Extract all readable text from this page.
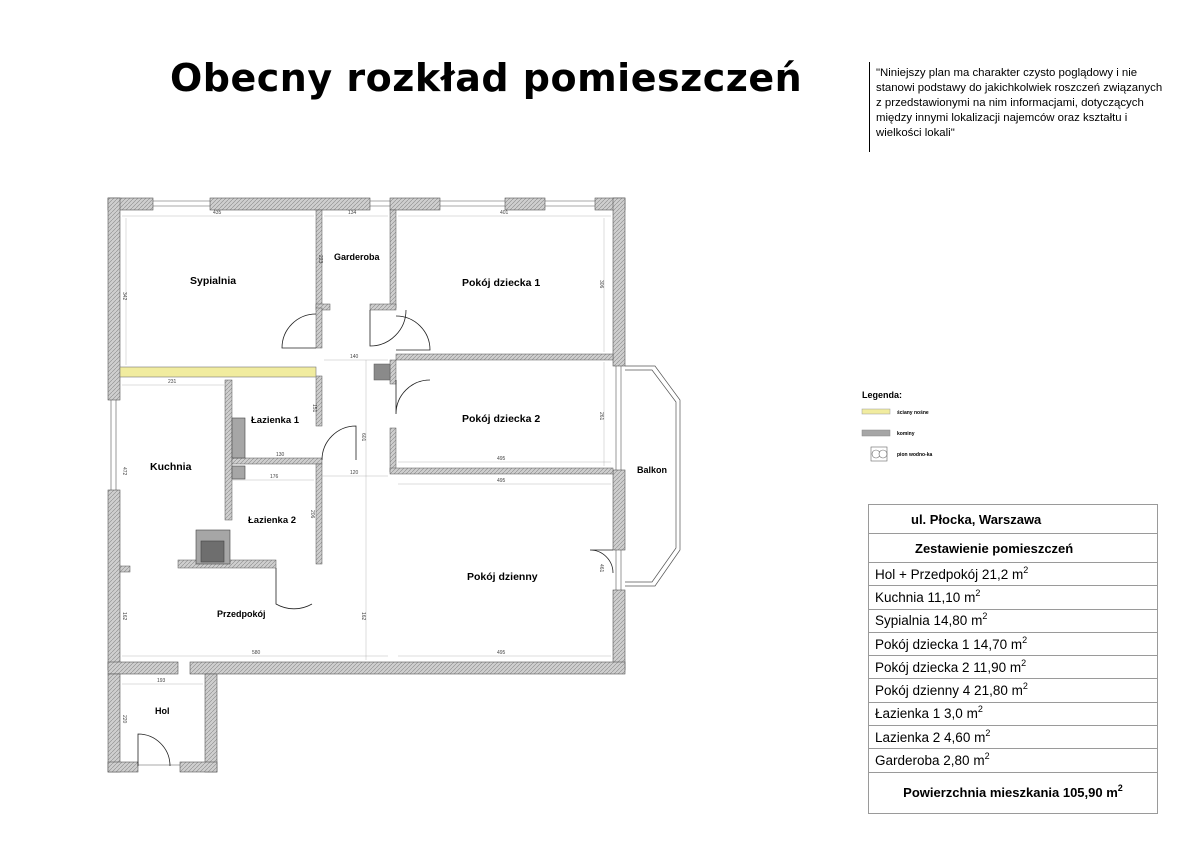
Obecny rozkład pomieszczeń	"Niniejszy plan ma charakter czysto poglądowy i nie stanowi podstawy do jakichkolwiek roszczeń związanych z przedstawionymi na nim informacjami, dotyczących między innymi lokalizacji najemców oraz kształtu i wielkości lokali"
435	134	401
342
223
306
140
231
151
601
261
130
120
495
495
176
472
206
461
162	162
580	495
193
220
Sypialnia
Garderoba
Pokój dziecka 1
Pokój dziecka 2
Łazienka 1
Łazienka 2
Kuchnia	Balkon
Pokój dzienny
Przedpokój
Hol
Legenda:
ściany nośne
kominy
pion wodno-ka
ul. Płocka, Warszawa
Zestawienie pomieszczeń
Hol + Przedpokój 21,2 $m^2$
Kuchnia 11,10 $m^2$
Sypialnia 14,80 $m^2$
Pokój dziecka 1 14,70 $m^2$
Pokój dziecka 2 11,90 $m^2$
Pokój dzienny 4 21,80 $m^2$
Łazienka 1 3,0 $m^2$
Lazienka 2 4,60 $m^2$
Garderoba 2,80 $m^2$
Powierzchnia mieszkania 105,90 $m^2$
